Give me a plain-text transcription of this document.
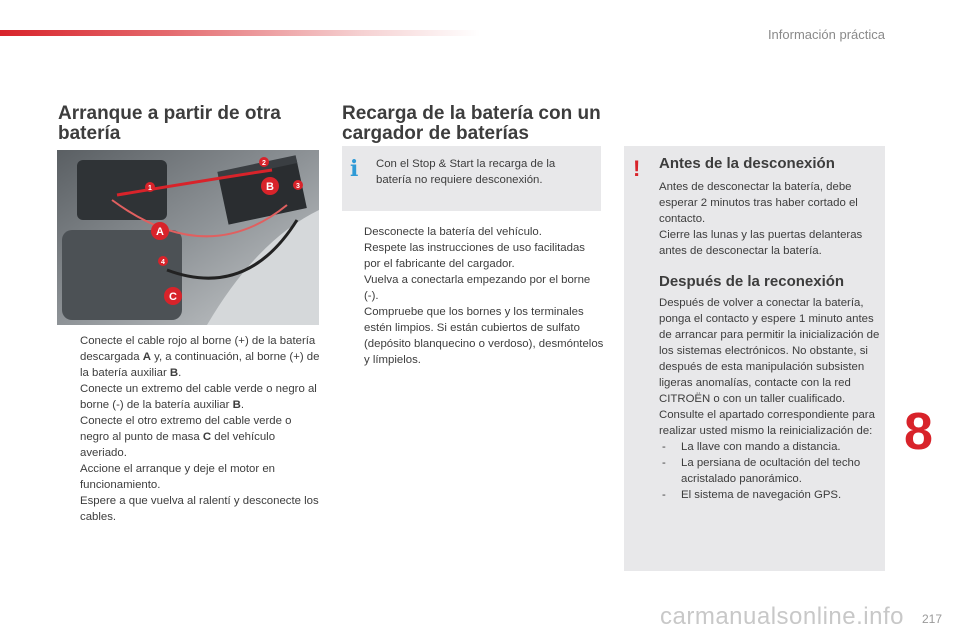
Información práctica
Arranque a partir de otra batería
Recarga de la batería con un cargador de baterías
1
2
3
4
A
B
C
Conecte el cable rojo al borne (+) de la batería descargada A y, a continuación, al borne (+) de la batería auxiliar B.
Conecte un extremo del cable verde o negro al borne (-) de la batería auxiliar B.
Conecte el otro extremo del cable verde o negro al punto de masa C del vehículo averiado.
Accione el arranque y deje el motor en funcionamiento.
Espere a que vuelva al ralentí y desconecte los cables.
i Con el Stop & Start la recarga de la batería no requiere desconexión.
Desconecte la batería del vehículo.
Respete las instrucciones de uso facilitadas por el fabricante del cargador.
Vuelva a conectarla empezando por el borne (-).
Compruebe que los bornes y los terminales estén limpios. Si están cubiertos de sulfato (depósito blanquecino o verdoso), desmóntelos y límpielos.
! Antes de la desconexión

Antes de desconectar la batería, debe esperar 2 minutos tras haber cortado el contacto.
Cierre las lunas y las puertas delanteras antes de desconectar la batería.

Después de la reconexión

Después de volver a conectar la batería, ponga el contacto y espere 1 minuto antes de arrancar para permitir la inicialización de los sistemas electrónicos. No obstante, si después de esta manipulación subsisten ligeras anomalías, contacte con la red CITROËN o con un taller cualificado.
Consulte el apartado correspondiente para realizar usted mismo la reinicialización de:

- La llave con mando a distancia.
- La persiana de ocultación del techo acristalado panorámico.
- El sistema de navegación GPS.
8
carmanualsonline.info 217
